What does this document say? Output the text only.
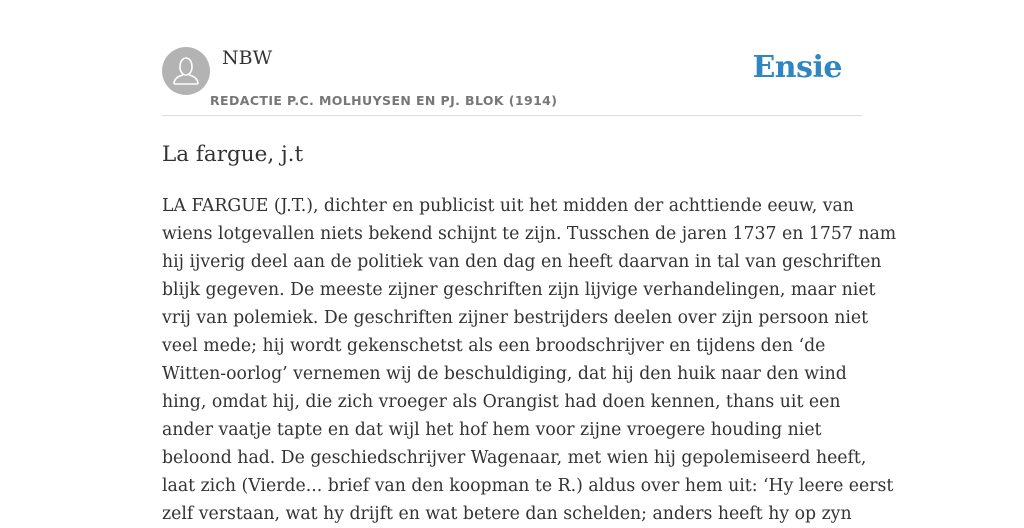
NBW
REDACTIE P.C. MOLHUYSEN EN PJ. BLOK (1914)
Ensie
La fargue, j.t

LA FARGUE (J.T.), dichter en publicist uit het midden der achttiende eeuw, van
wiens lotgevallen niets bekend schijnt te zijn. Tusschen de jaren 1737 en 1757 nam
hij ijverig deel aan de politiek van den dag en heeft daarvan in tal van geschriften
blijk gegeven. De meeste zijner geschriften zijn lijvige verhandelingen, maar niet
vrij van polemiek. De geschriften zijner bestrijders deelen over zijn persoon niet
veel mede; hij wordt gekenschetst als een broodschrijver en tijdens den ‘de
Witten-oorlog’ vernemen wij de beschuldiging, dat hij den huik naar den wind
hing, omdat hij, die zich vroeger als Orangist had doen kennen, thans uit een
ander vaatje tapte en dat wijl het hof hem voor zijne vroegere houding niet
beloond had. De geschiedschrijver Wagenaar, met wien hij gepolemiseerd heeft,
laat zich (Vierde... brief van den koopman te R.) aldus over hem uit: ‘Hy leere eerst
zelf verstaan, wat hy drijft en wat betere dan schelden; anders heeft hy op zyn
